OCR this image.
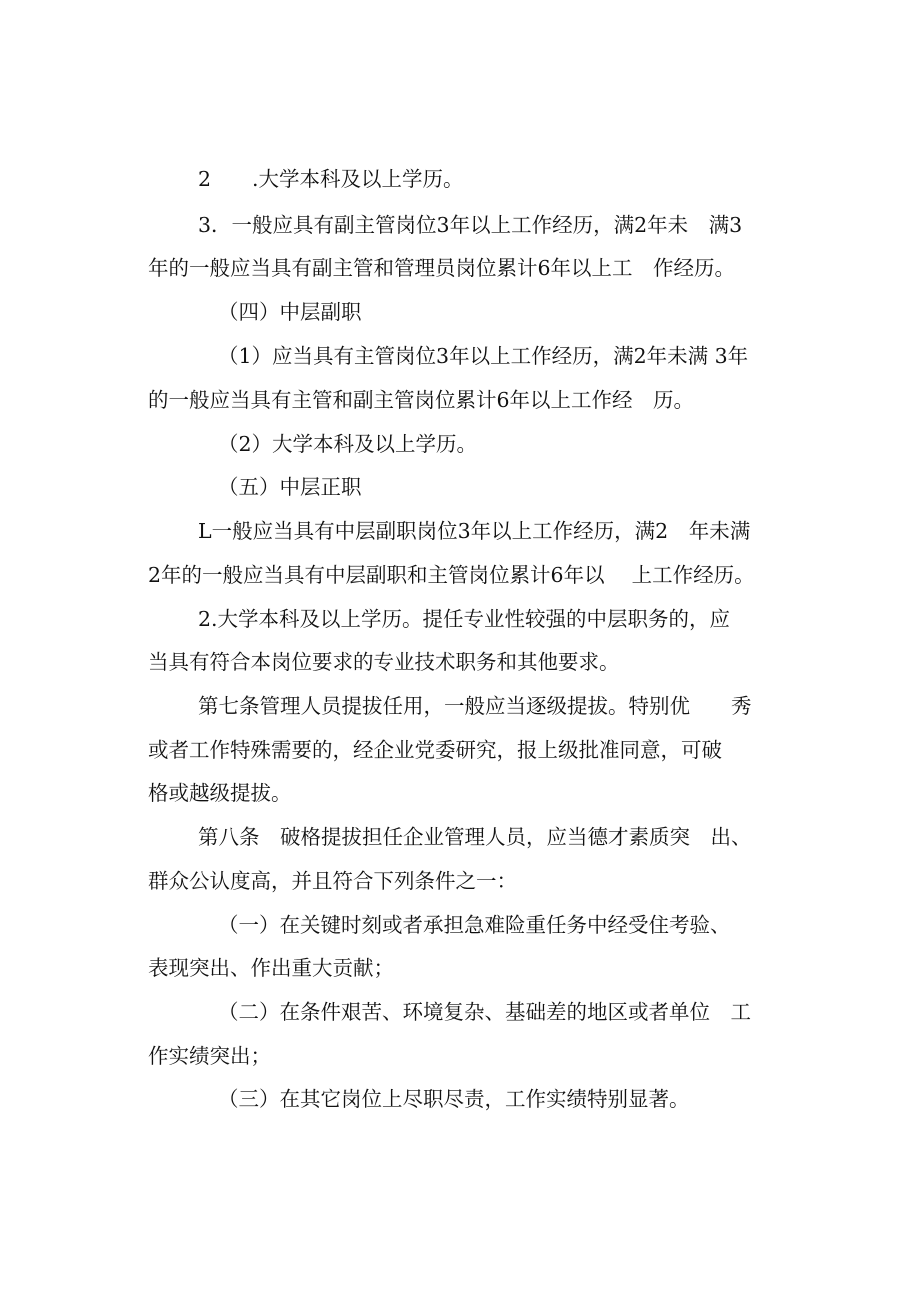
2　　.大学本科及以上学历。

3．一般应具有副主管岗位3年以上工作经历，满2年未　满3

年的一般应当具有副主管和管理员岗位累计6年以上工　作经历。

（四）中层副职

（1）应当具有主管岗位3年以上工作经历，满2年未满 3年

的一般应当具有主管和副主管岗位累计6年以上工作经　历。

（2）大学本科及以上学历。

（五）中层正职

L一般应当具有中层副职岗位3年以上工作经历，满2　年未满

2年的一般应当具有中层副职和主管岗位累计6年以　 上工作经历。

2.大学本科及以上学历。提任专业性较强的中层职务的，应

当具有符合本岗位要求的专业技术职务和其他要求。

第七条管理人员提拔任用，一般应当逐级提拔。特别优　　秀

或者工作特殊需要的，经企业党委研究，报上级批准同意，可破

格或越级提拔。

第八条　破格提拔担任企业管理人员，应当德才素质突　出、

群众公认度高，并且符合下列条件之一：

（一）在关键时刻或者承担急难险重任务中经受住考验、

表现突出、作出重大贡献；

（二）在条件艰苦、环境复杂、基础差的地区或者单位　工

作实绩突出；

（三）在其它岗位上尽职尽责，工作实绩特别显著。
